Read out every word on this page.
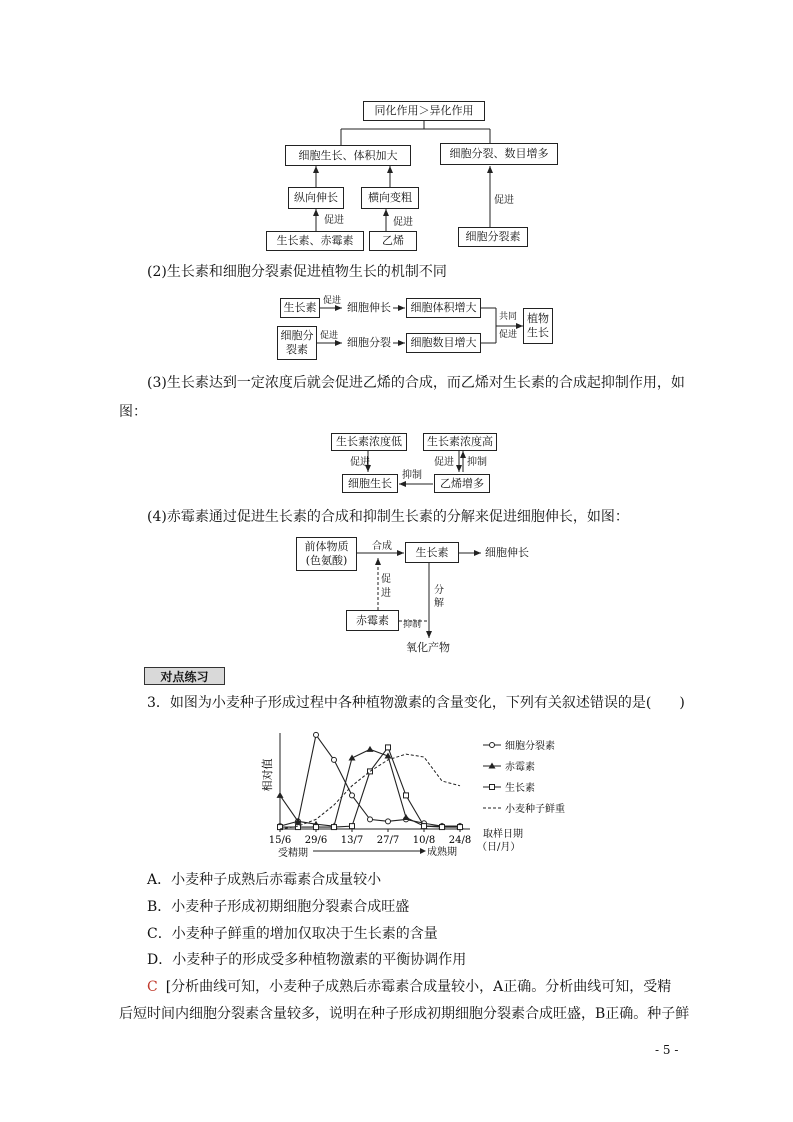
同化作用＞异化作用
细胞生长、体积加大	细胞分裂、数目增多
纵向伸长	横向变粗
促进	促进
促进
生长素、赤霉素	乙烯	细胞分裂素
(2)生长素和细胞分裂素促进植物生长的机制不同
生长素 促进 细胞伸长	细胞体积增大
细胞分
裂素
促进 细胞分裂	细胞数目增大
共同
促进
植物
生长
(3)生长素达到一定浓度后就会促进乙烯的合成，而乙烯对生长素的合成起抑制作用，如
图：
生长素浓度低	生长素浓度高
促进	促进 抑制
抑制
细胞生长	乙烯增多
(4)赤霉素通过促进生长素的合成和抑制生长素的分解来促进细胞伸长，如图：
前体物质
(色氨酸)
合成	生长素	细胞伸长
促
进	分
解
赤霉素	抑制
氧化产物
对点练习
3．如图为小麦种子形成过程中各种植物激素的含量变化，下列有关叙述错误的是(　　)
相对值
15/6 29/6 13/7 27/7 10/8 24/8
细胞分裂素
赤霉素
生长素
小麦种子鲜重
受精期	成熟期
取样日期
（日/月）
A．小麦种子成熟后赤霉素合成量较小
B．小麦种子形成初期细胞分裂素合成旺盛
C．小麦种子鲜重的增加仅取决于生长素的含量
D．小麦种子的形成受多种植物激素的平衡协调作用
C [分析曲线可知，小麦种子成熟后赤霉素合成量较小，A正确。分析曲线可知，受精
后短时间内细胞分裂素含量较多，说明在种子形成初期细胞分裂素合成旺盛，B正确。种子鲜
- 5 -
